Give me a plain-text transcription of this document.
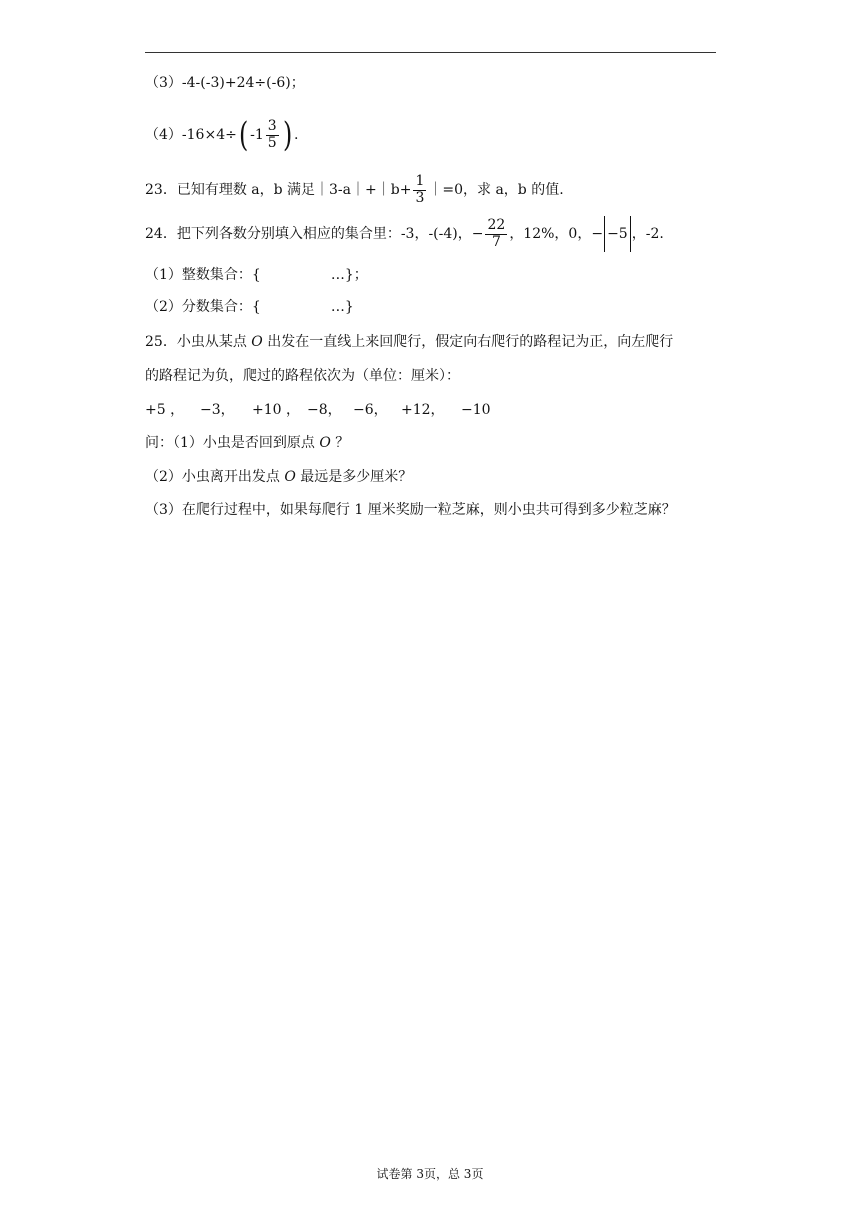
（3）-4-(-3)+24÷(-6)；
（4）-16×4÷( $-1 \frac{3}{5}$ ) .
23．已知有理数 a，b 满足｜3-a｜+｜b+ $\frac{1}{3}$ ｜=0，求 a，b 的值.
24．把下列各数分别填入相应的集合里：-3，-(-4)，− $\frac{22}{7}$ ，12%，0，− −5 ，-2.
（1）整数集合：{	…}；
（2）分数集合：{	…}
25．小虫从某点 O 出发在一直线上来回爬行，假定向右爬行的路程记为正，向左爬行
的路程记为负，爬过的路程依次为（单位：厘米）：
+5 ， −3， +10 ， −8， −6， +12， −10
问：（1）小虫是否回到原点 O ？
（2）小虫离开出发点 O 最远是多少厘米？
（3）在爬行过程中，如果每爬行 1 厘米奖励一粒芝麻，则小虫共可得到多少粒芝麻？
试卷第 3页，总 3页
